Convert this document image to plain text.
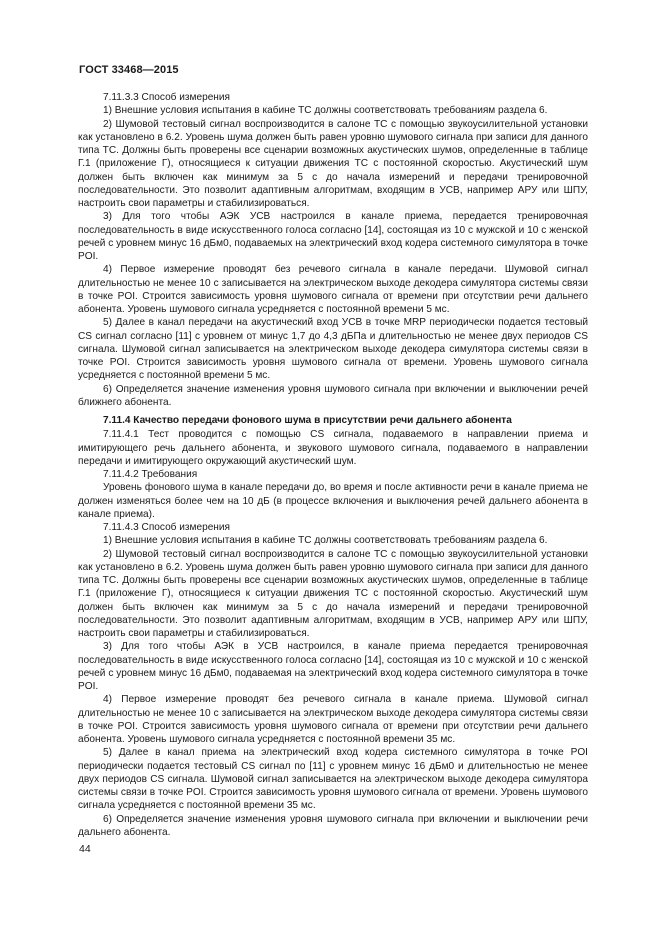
ГОСТ 33468—2015

7.11.3.3 Способ измерения

1) Внешние условия испытания в кабине ТС должны соответствовать требованиям раздела 6.

2) Шумовой тестовый сигнал воспроизводится в салоне ТС с помощью звукоусилительной установки как установлено в 6.2. Уровень шума должен быть равен уровню шумового сигнала при записи для данного типа ТС. Должны быть проверены все сценарии возможных акустических шумов, определенные в таблице Г.1 (приложение Г), относящиеся к ситуации движения ТС с постоянной скоростью. Акустический шум должен быть включен как минимум за 5 с до начала измерений и передачи тренировочной последовательности. Это позволит адаптивным алгоритмам, входящим в УСВ, например АРУ или ШПУ, настроить свои параметры и стабилизироваться.

3) Для того чтобы АЭК УСВ настроился в канале приема, передается тренировочная последовательность в виде искусственного голоса согласно [14], состоящая из 10 с мужской и 10 с женской речей с уровнем минус 16 дБм0, подаваемых на электрический вход кодера системного симулятора в точке POI.

4) Первое измерение проводят без речевого сигнала в канале передачи. Шумовой сигнал длительностью не менее 10 с записывается на электрическом выходе декодера симулятора системы связи в точке POI. Строится зависимость уровня шумового сигнала от времени при отсутствии речи дальнего абонента. Уровень шумового сигнала усредняется с постоянной времени 5 мс.

5) Далее в канал передачи на акустический вход УСВ в точке MRP периодически подается тестовый CS сигнал согласно [11] с уровнем от минус 1,7 до 4,3 дБПа и длительностью не менее двух периодов CS сигнала. Шумовой сигнал записывается на электрическом выходе декодера симулятора системы связи в точке POI. Строится зависимость уровня шумового сигнала от времени. Уровень шумового сигнала усредняется с постоянной времени 5 мс.

6) Определяется значение изменения уровня шумового сигнала при включении и выключении речей ближнего абонента.

7.11.4 Качество передачи фонового шума в присутствии речи дальнего абонента

7.11.4.1 Тест проводится с помощью CS сигнала, подаваемого в направлении приема и имитирующего речь дальнего абонента, и звукового шумового сигнала, подаваемого в направлении передачи и имитирующего окружающий акустический шум.

7.11.4.2 Требования

Уровень фонового шума в канале передачи до, во время и после активности речи в канале приема не должен изменяться более чем на 10 дБ (в процессе включения и выключения речей дальнего абонента в канале приема).

7.11.4.3 Способ измерения

1) Внешние условия испытания в кабине ТС должны соответствовать требованиям раздела 6.

2) Шумовой тестовый сигнал воспроизводится в салоне ТС с помощью звукоусилительной установки как установлено в 6.2. Уровень шума должен быть равен уровню шумового сигнала при записи для данного типа ТС. Должны быть проверены все сценарии возможных акустических шумов, определенные в таблице Г.1 (приложение Г), относящиеся к ситуации движения ТС с постоянной скоростью. Акустический шум должен быть включен как минимум за 5 с до начала измерений и передачи тренировочной последовательности. Это позволит адаптивным алгоритмам, входящим в УСВ, например АРУ или ШПУ, настроить свои параметры и стабилизироваться.

3) Для того чтобы АЭК в УСВ настроился, в канале приема передается тренировочная последовательность в виде искусственного голоса согласно [14], состоящая из 10 с мужской и 10 с женской речей с уровнем минус 16 дБм0, подаваемая на электрический вход кодера системного симулятора в точке POI.

4) Первое измерение проводят без речевого сигнала в канале приема. Шумовой сигнал длительностью не менее 10 с записывается на электрическом выходе декодера симулятора системы связи в точке POI. Строится зависимость уровня шумового сигнала от времени при отсутствии речи дальнего абонента. Уровень шумового сигнала усредняется с постоянной времени 35 мс.

5) Далее в канал приема на электрический вход кодера системного симулятора в точке POI периодически подается тестовый CS сигнал по [11] с уровнем минус 16 дБм0 и длительностью не менее двух периодов CS сигнала. Шумовой сигнал записывается на электрическом выходе декодера симулятора системы связи в точке POI. Строится зависимость уровня шумового сигнала от времени. Уровень шумового сигнала усредняется с постоянной времени 35 мс.

6) Определяется значение изменения уровня шумового сигнала при включении и выключении речи дальнего абонента.

44
